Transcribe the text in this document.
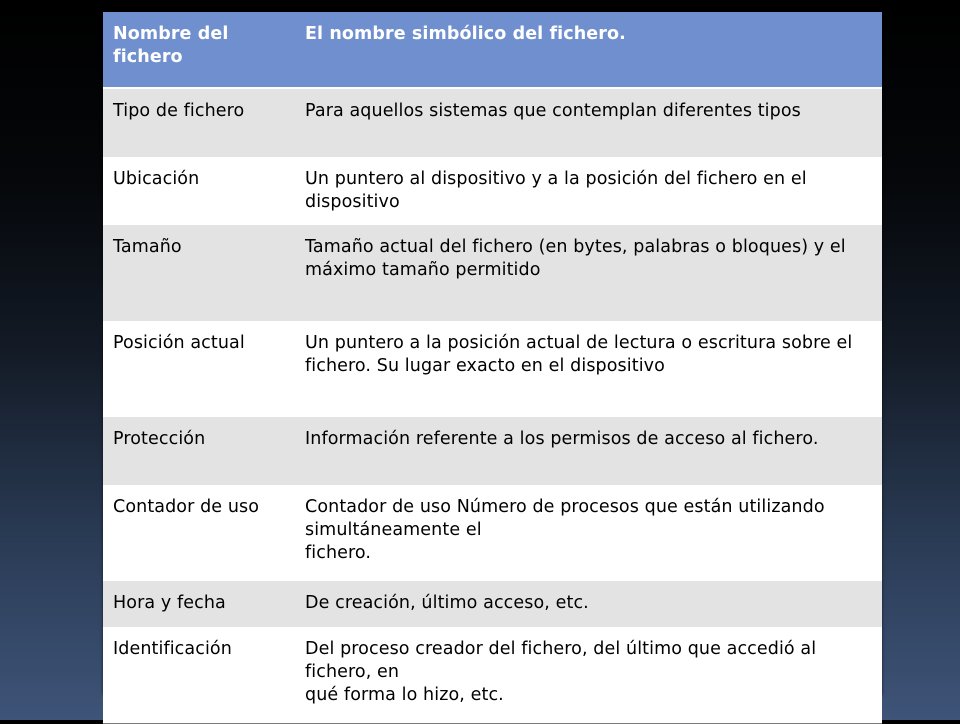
Nombre del fichero	El nombre simbólico del fichero.
Tipo de fichero	Para aquellos sistemas que contemplan diferentes tipos
Ubicación	Un puntero al dispositivo y a la posición del fichero en el dispositivo
Tamaño	Tamaño actual del fichero (en bytes, palabras o bloques) y el
máximo tamaño permitido
Posición actual	Un puntero a la posición actual de lectura o escritura sobre el
fichero. Su lugar exacto en el dispositivo
Protección	Información referente a los permisos de acceso al fichero.
Contador de uso	Contador de uso Número de procesos que están utilizando simultáneamente el
fichero.
Hora y fecha	De creación, último acceso, etc.
Identificación	Del proceso creador del fichero, del último que accedió al fichero, en
qué forma lo hizo, etc.
